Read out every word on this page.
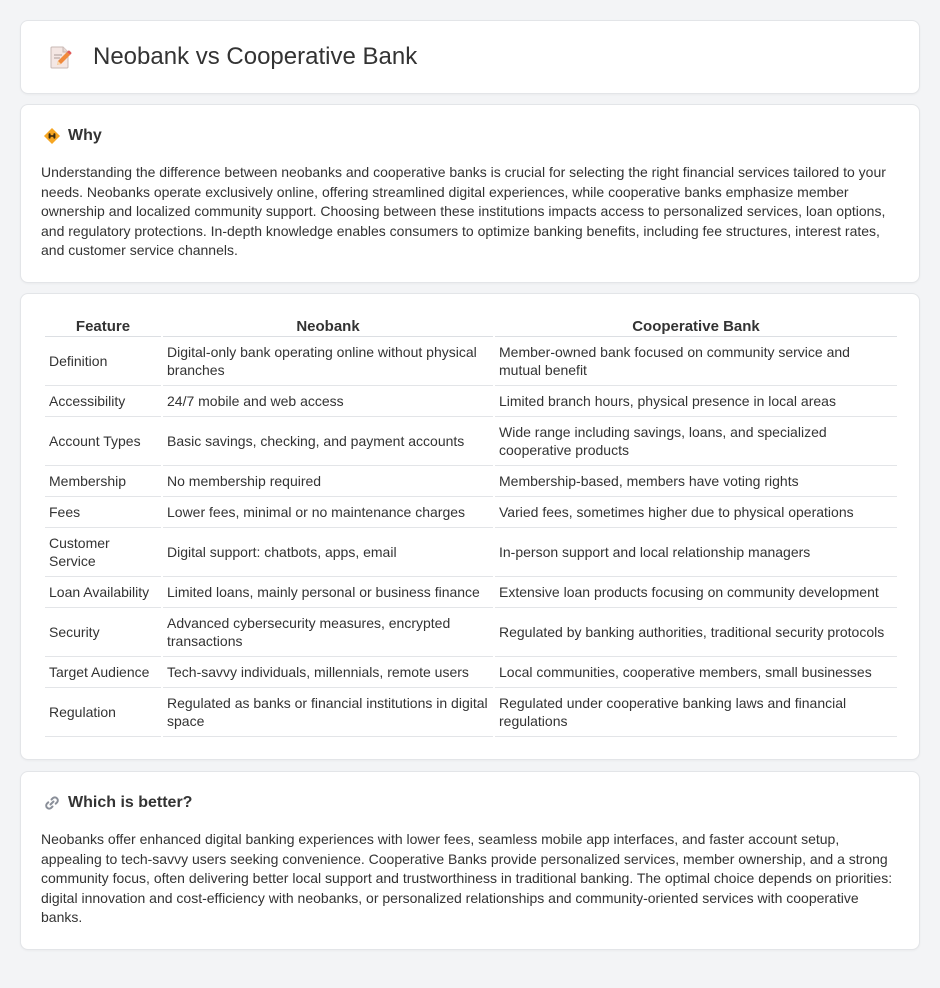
Neobank vs Cooperative Bank
Why

Understanding the difference between neobanks and cooperative banks is crucial for selecting the right financial services tailored to your needs. Neobanks operate exclusively online, offering streamlined digital experiences, while cooperative banks emphasize member ownership and localized community support. Choosing between these institutions impacts access to personalized services, loan options, and regulatory protections. In-depth knowledge enables consumers to optimize banking benefits, including fee structures, interest rates, and customer service channels.

Feature	Neobank	Cooperative Bank
Definition	Digital-only bank operating online without physical branches	Member-owned bank focused on community service and mutual benefit
Accessibility	24/7 mobile and web access	Limited branch hours, physical presence in local areas
Account Types	Basic savings, checking, and payment accounts	Wide range including savings, loans, and specialized cooperative products
Membership	No membership required	Membership-based, members have voting rights
Fees	Lower fees, minimal or no maintenance charges	Varied fees, sometimes higher due to physical operations
Customer Service	Digital support: chatbots, apps, email	In-person support and local relationship managers
Loan Availability	Limited loans, mainly personal or business finance	Extensive loan products focusing on community development
Security	Advanced cybersecurity measures, encrypted transactions	Regulated by banking authorities, traditional security protocols
Target Audience	Tech-savvy individuals, millennials, remote users	Local communities, cooperative members, small businesses
Regulation	Regulated as banks or financial institutions in digital space	Regulated under cooperative banking laws and financial regulations
Which is better?

Neobanks offer enhanced digital banking experiences with lower fees, seamless mobile app interfaces, and faster account setup, appealing to tech-savvy users seeking convenience. Cooperative Banks provide personalized services, member ownership, and a strong community focus, often delivering better local support and trustworthiness in traditional banking. The optimal choice depends on priorities: digital innovation and cost-efficiency with neobanks, or personalized relationships and community-oriented services with cooperative banks.
